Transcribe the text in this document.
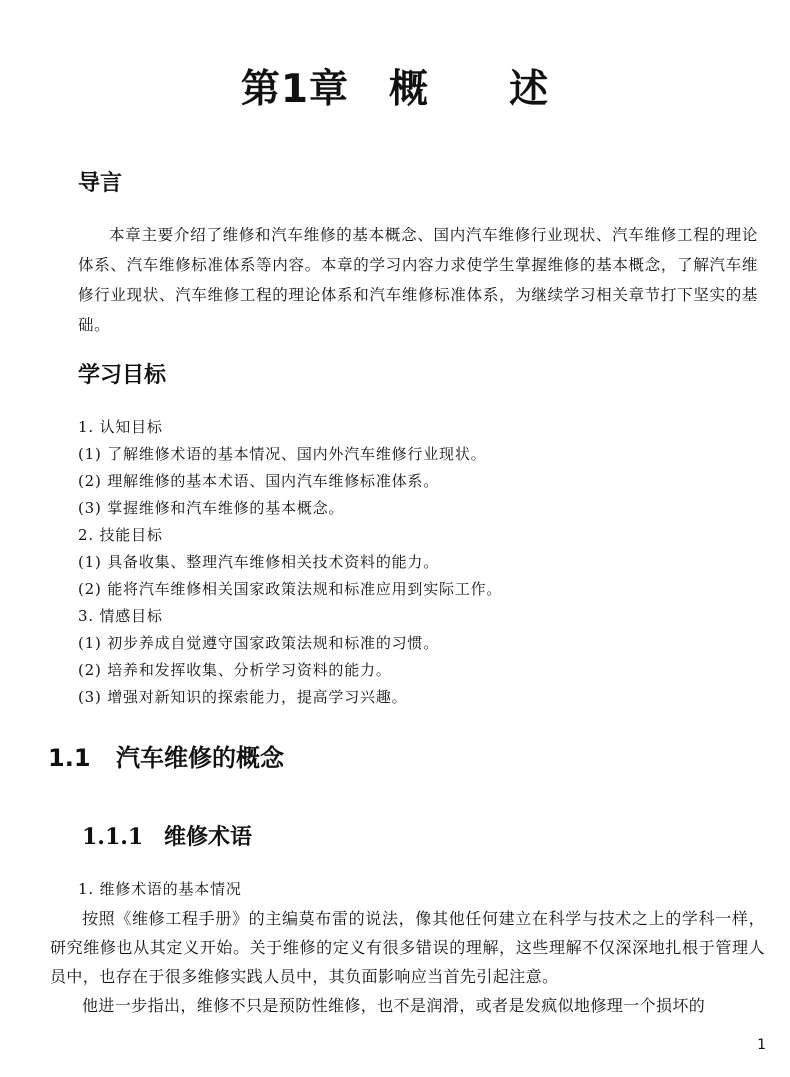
第1章 概 述
导言
本章主要介绍了维修和汽车维修的基本概念、国内汽车维修行业现状、汽车维修工程的理论体系、汽车维修标准体系等内容。本章的学习内容力求使学生掌握维修的基本概念，了解汽车维修行业现状、汽车维修工程的理论体系和汽车维修标准体系，为继续学习相关章节打下坚实的基础。
学习目标
1. 认知目标
(1) 了解维修术语的基本情况、国内外汽车维修行业现状。
(2) 理解维修的基本术语、国内汽车维修标准体系。
(3) 掌握维修和汽车维修的基本概念。
2. 技能目标
(1) 具备收集、整理汽车维修相关技术资料的能力。
(2) 能将汽车维修相关国家政策法规和标准应用到实际工作。
3. 情感目标
(1) 初步养成自觉遵守国家政策法规和标准的习惯。
(2) 培养和发挥收集、分析学习资料的能力。
(3) 增强对新知识的探索能力，提高学习兴趣。
1.1 汽车维修的概念
1.1.1 维修术语
1. 维修术语的基本情况
按照《维修工程手册》的主编莫布雷的说法，像其他任何建立在科学与技术之上的学科一样，研究维修也从其定义开始。关于维修的定义有很多错误的理解，这些理解不仅深深地扎根于管理人员中，也存在于很多维修实践人员中，其负面影响应当首先引起注意。
他进一步指出，维修不只是预防性维修，也不是润滑，或者是发疯似地修理一个损坏的
1
